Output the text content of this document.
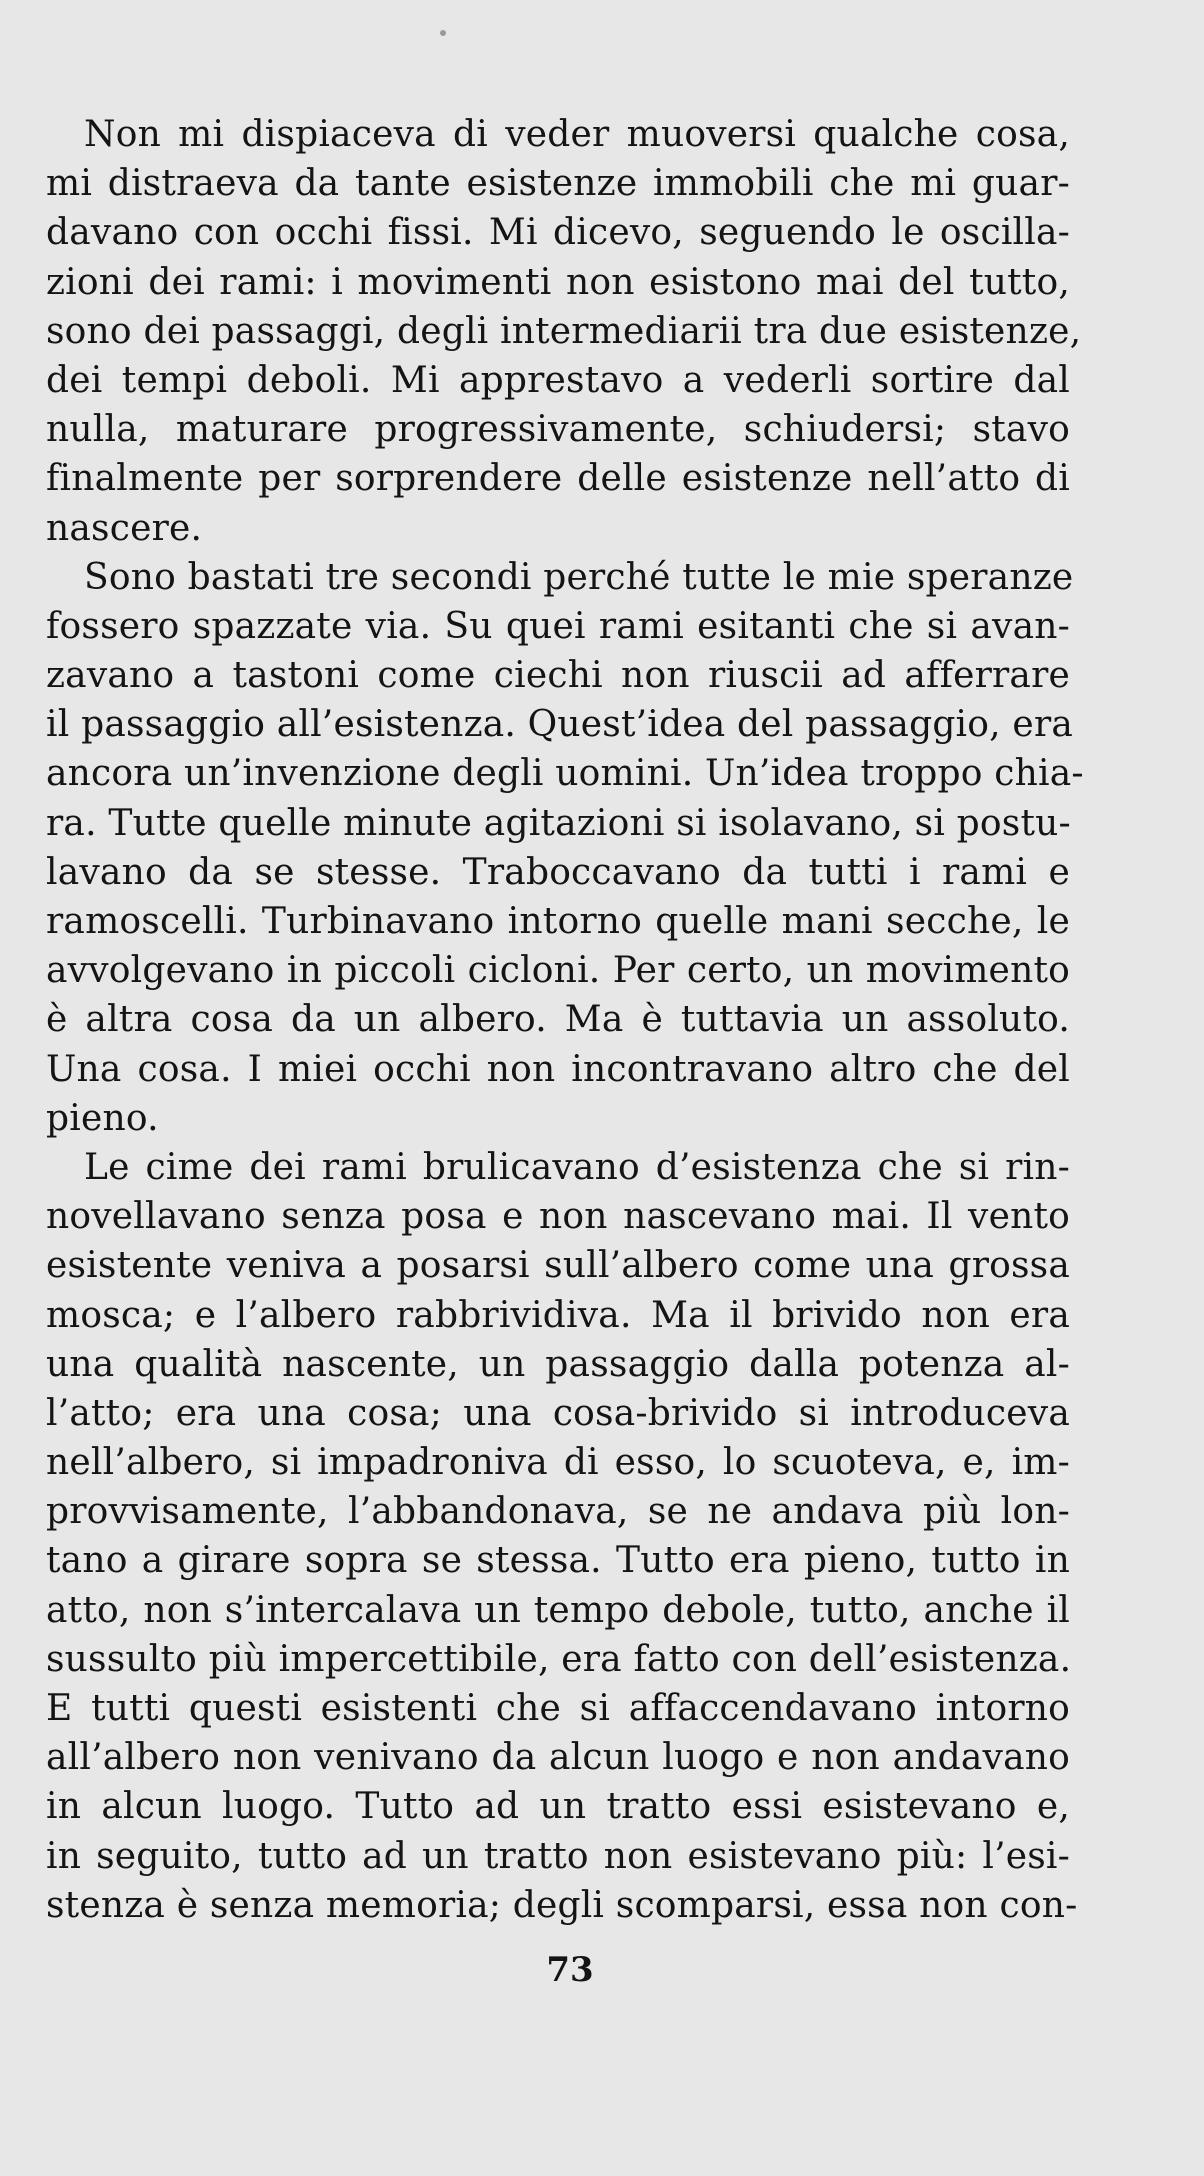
Non mi dispiaceva di veder muoversi qualche cosa,
mi distraeva da tante esistenze immobili che mi guar-
davano con occhi fissi. Mi dicevo, seguendo le oscilla-
zioni dei rami: i movimenti non esistono mai del tutto,
sono dei passaggi, degli intermediarii tra due esistenze,
dei tempi deboli. Mi apprestavo a vederli sortire dal
nulla, maturare progressivamente, schiudersi; stavo
finalmente per sorprendere delle esistenze nell’atto di
nascere.
Sono bastati tre secondi perché tutte le mie speranze
fossero spazzate via. Su quei rami esitanti che si avan-
zavano a tastoni come ciechi non riuscii ad afferrare
il passaggio all’esistenza. Quest’idea del passaggio, era
ancora un’invenzione degli uomini. Un’idea troppo chia-
ra. Tutte quelle minute agitazioni si isolavano, si postu-
lavano da se stesse. Traboccavano da tutti i rami e
ramoscelli. Turbinavano intorno quelle mani secche, le
avvolgevano in piccoli cicloni. Per certo, un movimento
è altra cosa da un albero. Ma è tuttavia un assoluto.
Una cosa. I miei occhi non incontravano altro che del
pieno.
Le cime dei rami brulicavano d’esistenza che si rin-
novellavano senza posa e non nascevano mai. Il vento
esistente veniva a posarsi sull’albero come una grossa
mosca; e l’albero rabbrividiva. Ma il brivido non era
una qualità nascente, un passaggio dalla potenza al-
l’atto; era una cosa; una cosa-brivido si introduceva
nell’albero, si impadroniva di esso, lo scuoteva, e, im-
provvisamente, l’abbandonava, se ne andava più lon-
tano a girare sopra se stessa. Tutto era pieno, tutto in
atto, non s’intercalava un tempo debole, tutto, anche il
sussulto più impercettibile, era fatto con dell’esistenza.
E tutti questi esistenti che si affaccendavano intorno
all’albero non venivano da alcun luogo e non andavano
in alcun luogo. Tutto ad un tratto essi esistevano e,
in seguito, tutto ad un tratto non esistevano più: l’esi-
stenza è senza memoria; degli scomparsi, essa non con-
73
